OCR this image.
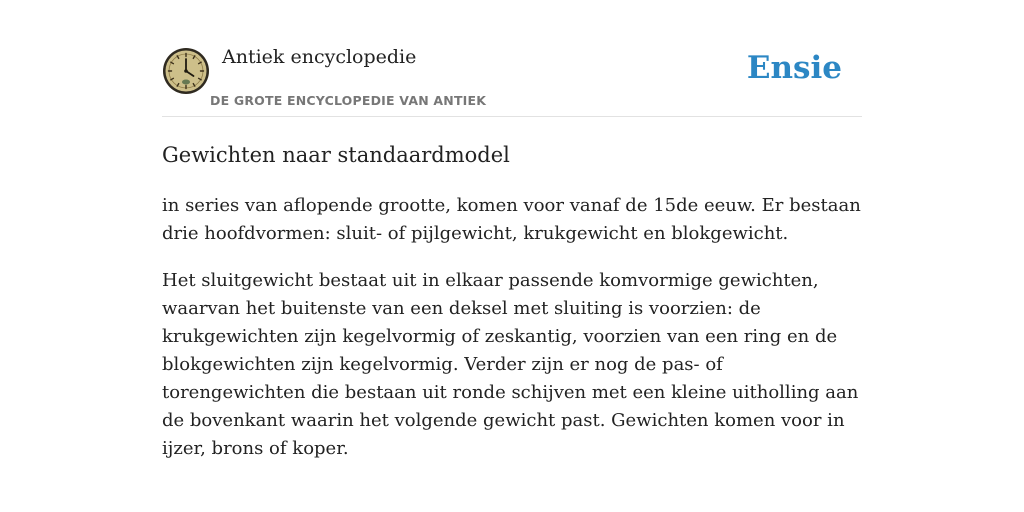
Antiek encyclopedie
DE GROTE ENCYCLOPEDIE VAN ANTIEK
Ensie
Gewichten naar standaardmodel

in series van aflopende grootte, komen voor vanaf de 15de eeuw. Er bestaan drie hoofdvormen: sluit- of pijlgewicht, krukgewicht en blokgewicht.

Het sluitgewicht bestaat uit in elkaar passende komvormige gewichten, waarvan het buitenste van een deksel met sluiting is voorzien: de krukgewichten zijn kegelvormig of zeskantig, voorzien van een ring en de blokgewichten zijn kegelvormig. Verder zijn er nog de pas- of torengewichten die bestaan uit ronde schijven met een kleine uitholling aan de bovenkant waarin het volgende gewicht past. Gewichten komen voor in ijzer, brons of koper.
